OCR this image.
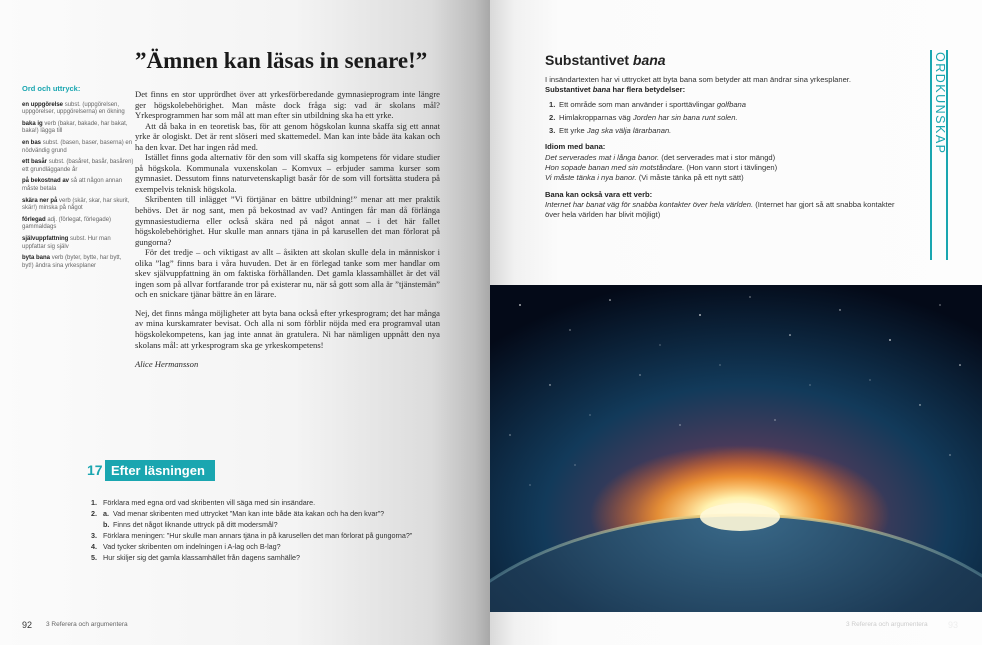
”Ämnen kan läsas in senare!”
Ord och uttryck:
en uppgörelse subst. (uppgörelsen, uppgörelser, uppgörelserna) en ökning
baka ig verb (bakar, bakade, har bakat, baka!) lägga till
en bas subst. (basen, baser, baserna) en nödvändig grund
ett basår subst. (basåret, basår, basåren) ett grundläggande år
på bekostnad av så att någon annan måste betala
skära ner på verb (skär, skar, har skurit, skär!) minska på något
förlegad adj. (förlegat, förlegade) gammaldags
självuppfattning subst. Hur man uppfattar sig själv
byta bana verb (byter, bytte, har bytt, byt!) ändra sina yrkesplaner

Det finns en stor upprördhet över att yrkesförberedande gymnasieprogram inte längre ger högskolebehörighet. Man måste dock fråga sig: vad är skolans mål? Yrkesprogrammen har som mål att man efter sin utbildning ska ha ett yrke.

Att då baka in en teoretisk bas, för att genom högskolan kunna skaffa sig ett annat yrke är ologiskt. Det är rent slöseri med skattemedel. Man kan inte både äta kakan och ha den kvar. Det har ingen råd med.

Istället finns goda alternativ för den som vill skaffa sig kompetens för vidare studier på högskola. Kommunala vuxenskolan – Komvux – erbjuder samma kurser som gymnasiet. Dessutom finns naturvetenskapligt basår för de som vill fortsätta studera på exempelvis teknisk högskola.

Skribenten till inlägget ”Vi förtjänar en bättre utbildning!” menar att mer praktik behövs. Det är nog sant, men på bekostnad av vad? Antingen får man då förlänga gymnasiestudierna eller också skära ned på något annat – i det här fallet högskolebehörighet. Hur skulle man annars tjäna in på karusellen det man förlorat på gungorna?

För det tredje – och viktigast av allt – åsikten att skolan skulle dela in människor i olika ”lag” finns bara i våra huvuden. Det är en förlegad tanke som mer handlar om skev självuppfattning än om faktiska förhållanden. Det gamla klassamhället är det väl ingen som på allvar fortfarande tror på existerar nu, när så gott som alla är ”tjänstemän” och en snickare tjänar bättre än en lärare.

Nej, det finns många möjligheter att byta bana också efter yrkesprogram; det har många av mina kurskamrater bevisat. Och alla ni som förblir nöjda med era programval utan högskolekompetens, kan jag inte annat än gratulera. Ni har nämligen uppnått den nya skolans mål: att yrkesprogram ska ge yrkeskompetens!

Alice Hermansson

17 Efter läsningen
1. Förklara med egna ord vad skribenten vill säga med sin insändare.
2. a. Vad menar skribenten med uttrycket ”Man kan inte både äta kakan och ha den kvar”?
b. Finns det något liknande uttryck på ditt modersmål?
3. Förklara meningen: ”Hur skulle man annars tjäna in på karusellen det man förlorat på gungorna?”
4. Vad tycker skribenten om indelningen i A-lag och B-lag?
5. Hur skiljer sig det gamla klassamhället från dagens samhälle?
92 3 Referera och argumentera
Substantivet bana

I insändartexten har vi uttrycket att byta bana som betyder att man ändrar sina yrkesplaner.

Substantivet bana har flera betydelser:

1. Ett område som man använder i sporttävlingar golfbana
2. Himlakropparnas väg Jorden har sin bana runt solen.
3. Ett yrke Jag ska välja lärarbanan.

Idiom med bana:

Det serverades mat i långa banor. (det serverades mat i stor mängd)

Hon sopade banan med sin motståndare. (Hon vann stort i tävlingen)

Vi måste tänka i nya banor. (Vi måste tänka på ett nytt sätt)

Bana kan också vara ett verb:

Internet har banat väg för snabba kontakter över hela världen. (Internet har gjort så att snabba kontakter över hela världen har blivit möjligt)

ORDKUNSKAP
3 Referera och argumentera 93
